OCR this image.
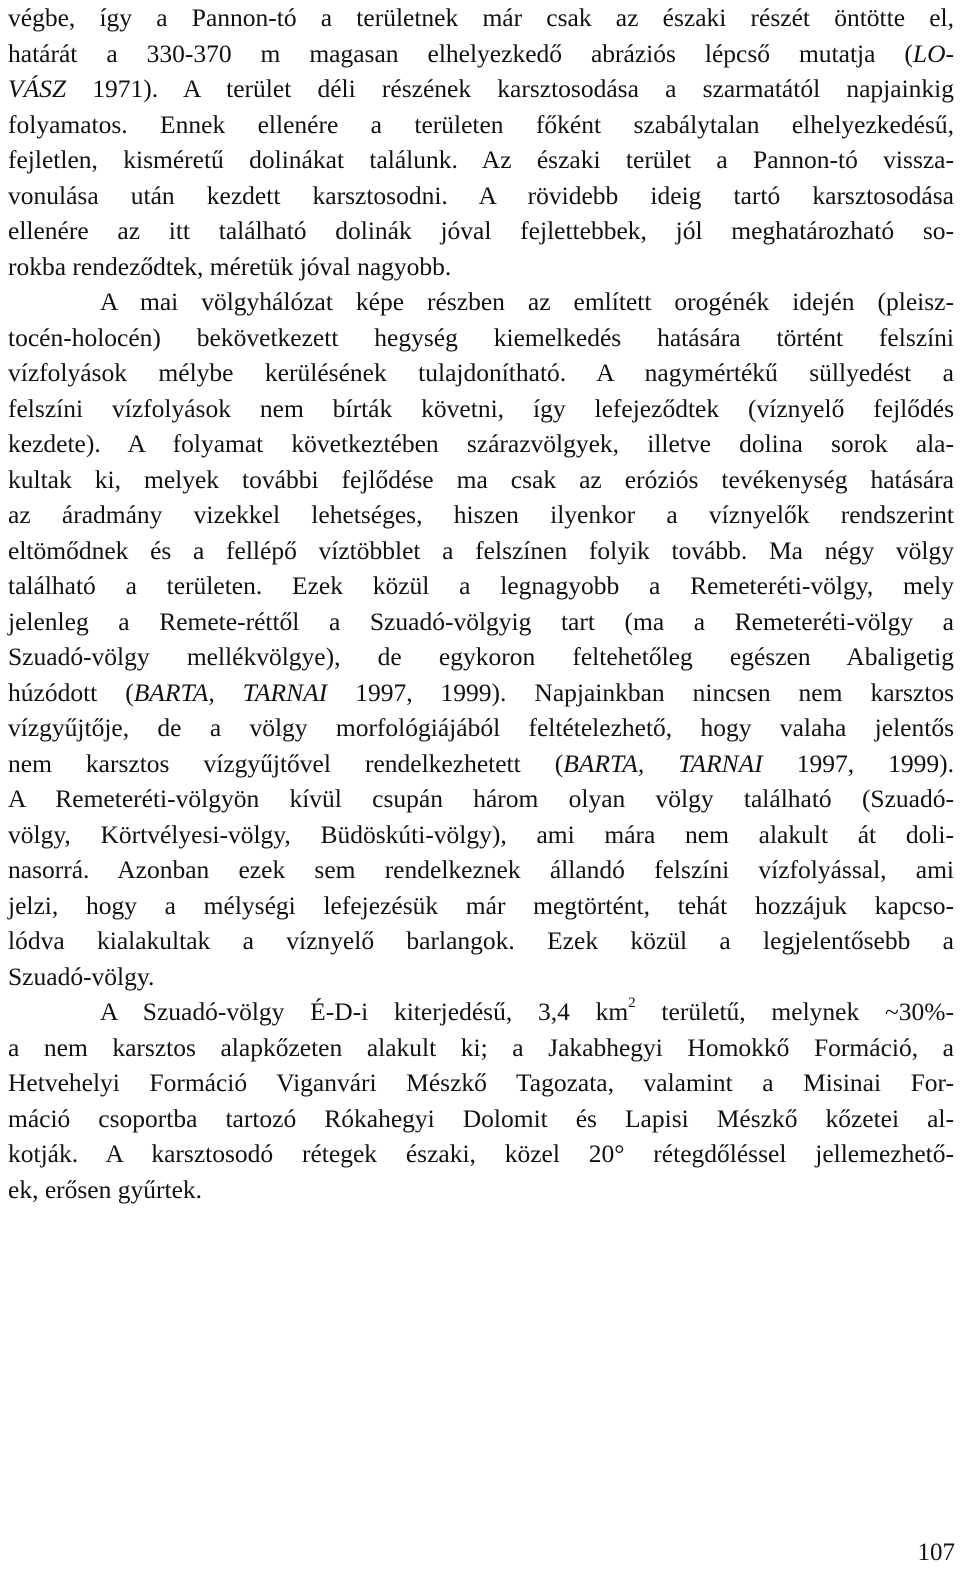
végbe, így a Pannon-tó a területnek már csak az északi részét öntötte el,
határát a 330-370 m magasan elhelyezkedő abráziós lépcső mutatja (LO-
VÁSZ 1971). A terület déli részének karsztosodása a szarmatától napjainkig
folyamatos. Ennek ellenére a területen főként szabálytalan elhelyezkedésű,
fejletlen, kisméretű dolinákat találunk. Az északi terület a Pannon-tó vissza-
vonulása után kezdett karsztosodni. A rövidebb ideig tartó karsztosodása
ellenére az itt található dolinák jóval fejlettebbek, jól meghatározható so-
rokba rendeződtek, méretük jóval nagyobb.
A mai völgyhálózat képe részben az említett orogénék idején (pleisz-
tocén-holocén) bekövetkezett hegység kiemelkedés hatására történt felszíni
vízfolyások mélybe kerülésének tulajdonítható. A nagymértékű süllyedést a
felszíni vízfolyások nem bírták követni, így lefejeződtek (víznyelő fejlődés
kezdete). A folyamat következtében szárazvölgyek, illetve dolina sorok ala-
kultak ki, melyek további fejlődése ma csak az eróziós tevékenység hatására
az áradmány vizekkel lehetséges, hiszen ilyenkor a víznyelők rendszerint
eltömődnek és a fellépő víztöbblet a felszínen folyik tovább. Ma négy völgy
található a területen. Ezek közül a legnagyobb a Remeteréti-völgy, mely
jelenleg a Remete-réttől a Szuadó-völgyig tart (ma a Remeteréti-völgy a
Szuadó-völgy mellékvölgye), de egykoron feltehetőleg egészen Abaligetig
húzódott (BARTA, TARNAI 1997, 1999). Napjainkban nincsen nem karsztos
vízgyűjtője, de a völgy morfológiájából feltételezhető, hogy valaha jelentős
nem karsztos vízgyűjtővel rendelkezhetett (BARTA, TARNAI 1997, 1999).
A Remeteréti-völgyön kívül csupán három olyan völgy található (Szuadó-
völgy, Körtvélyesi-völgy, Büdöskúti-völgy), ami mára nem alakult át doli-
nasorrá. Azonban ezek sem rendelkeznek állandó felszíni vízfolyással, ami
jelzi, hogy a mélységi lefejezésük már megtörtént, tehát hozzájuk kapcso-
lódva kialakultak a víznyelő barlangok. Ezek közül a legjelentősebb a
Szuadó-völgy.
A Szuadó-völgy É-D-i kiterjedésű, 3,4 $km^2$ területű, melynek ~30%-
a nem karsztos alapkőzeten alakult ki; a Jakabhegyi Homokkő Formáció, a
Hetvehelyi Formáció Viganvári Mészkő Tagozata, valamint a Misinai For-
máció csoportba tartozó Rókahegyi Dolomit és Lapisi Mészkő kőzetei al-
kotják. A karsztosodó rétegek északi, közel 20° rétegdőléssel jellemezhető-
ek, erősen gyűrtek.
107
